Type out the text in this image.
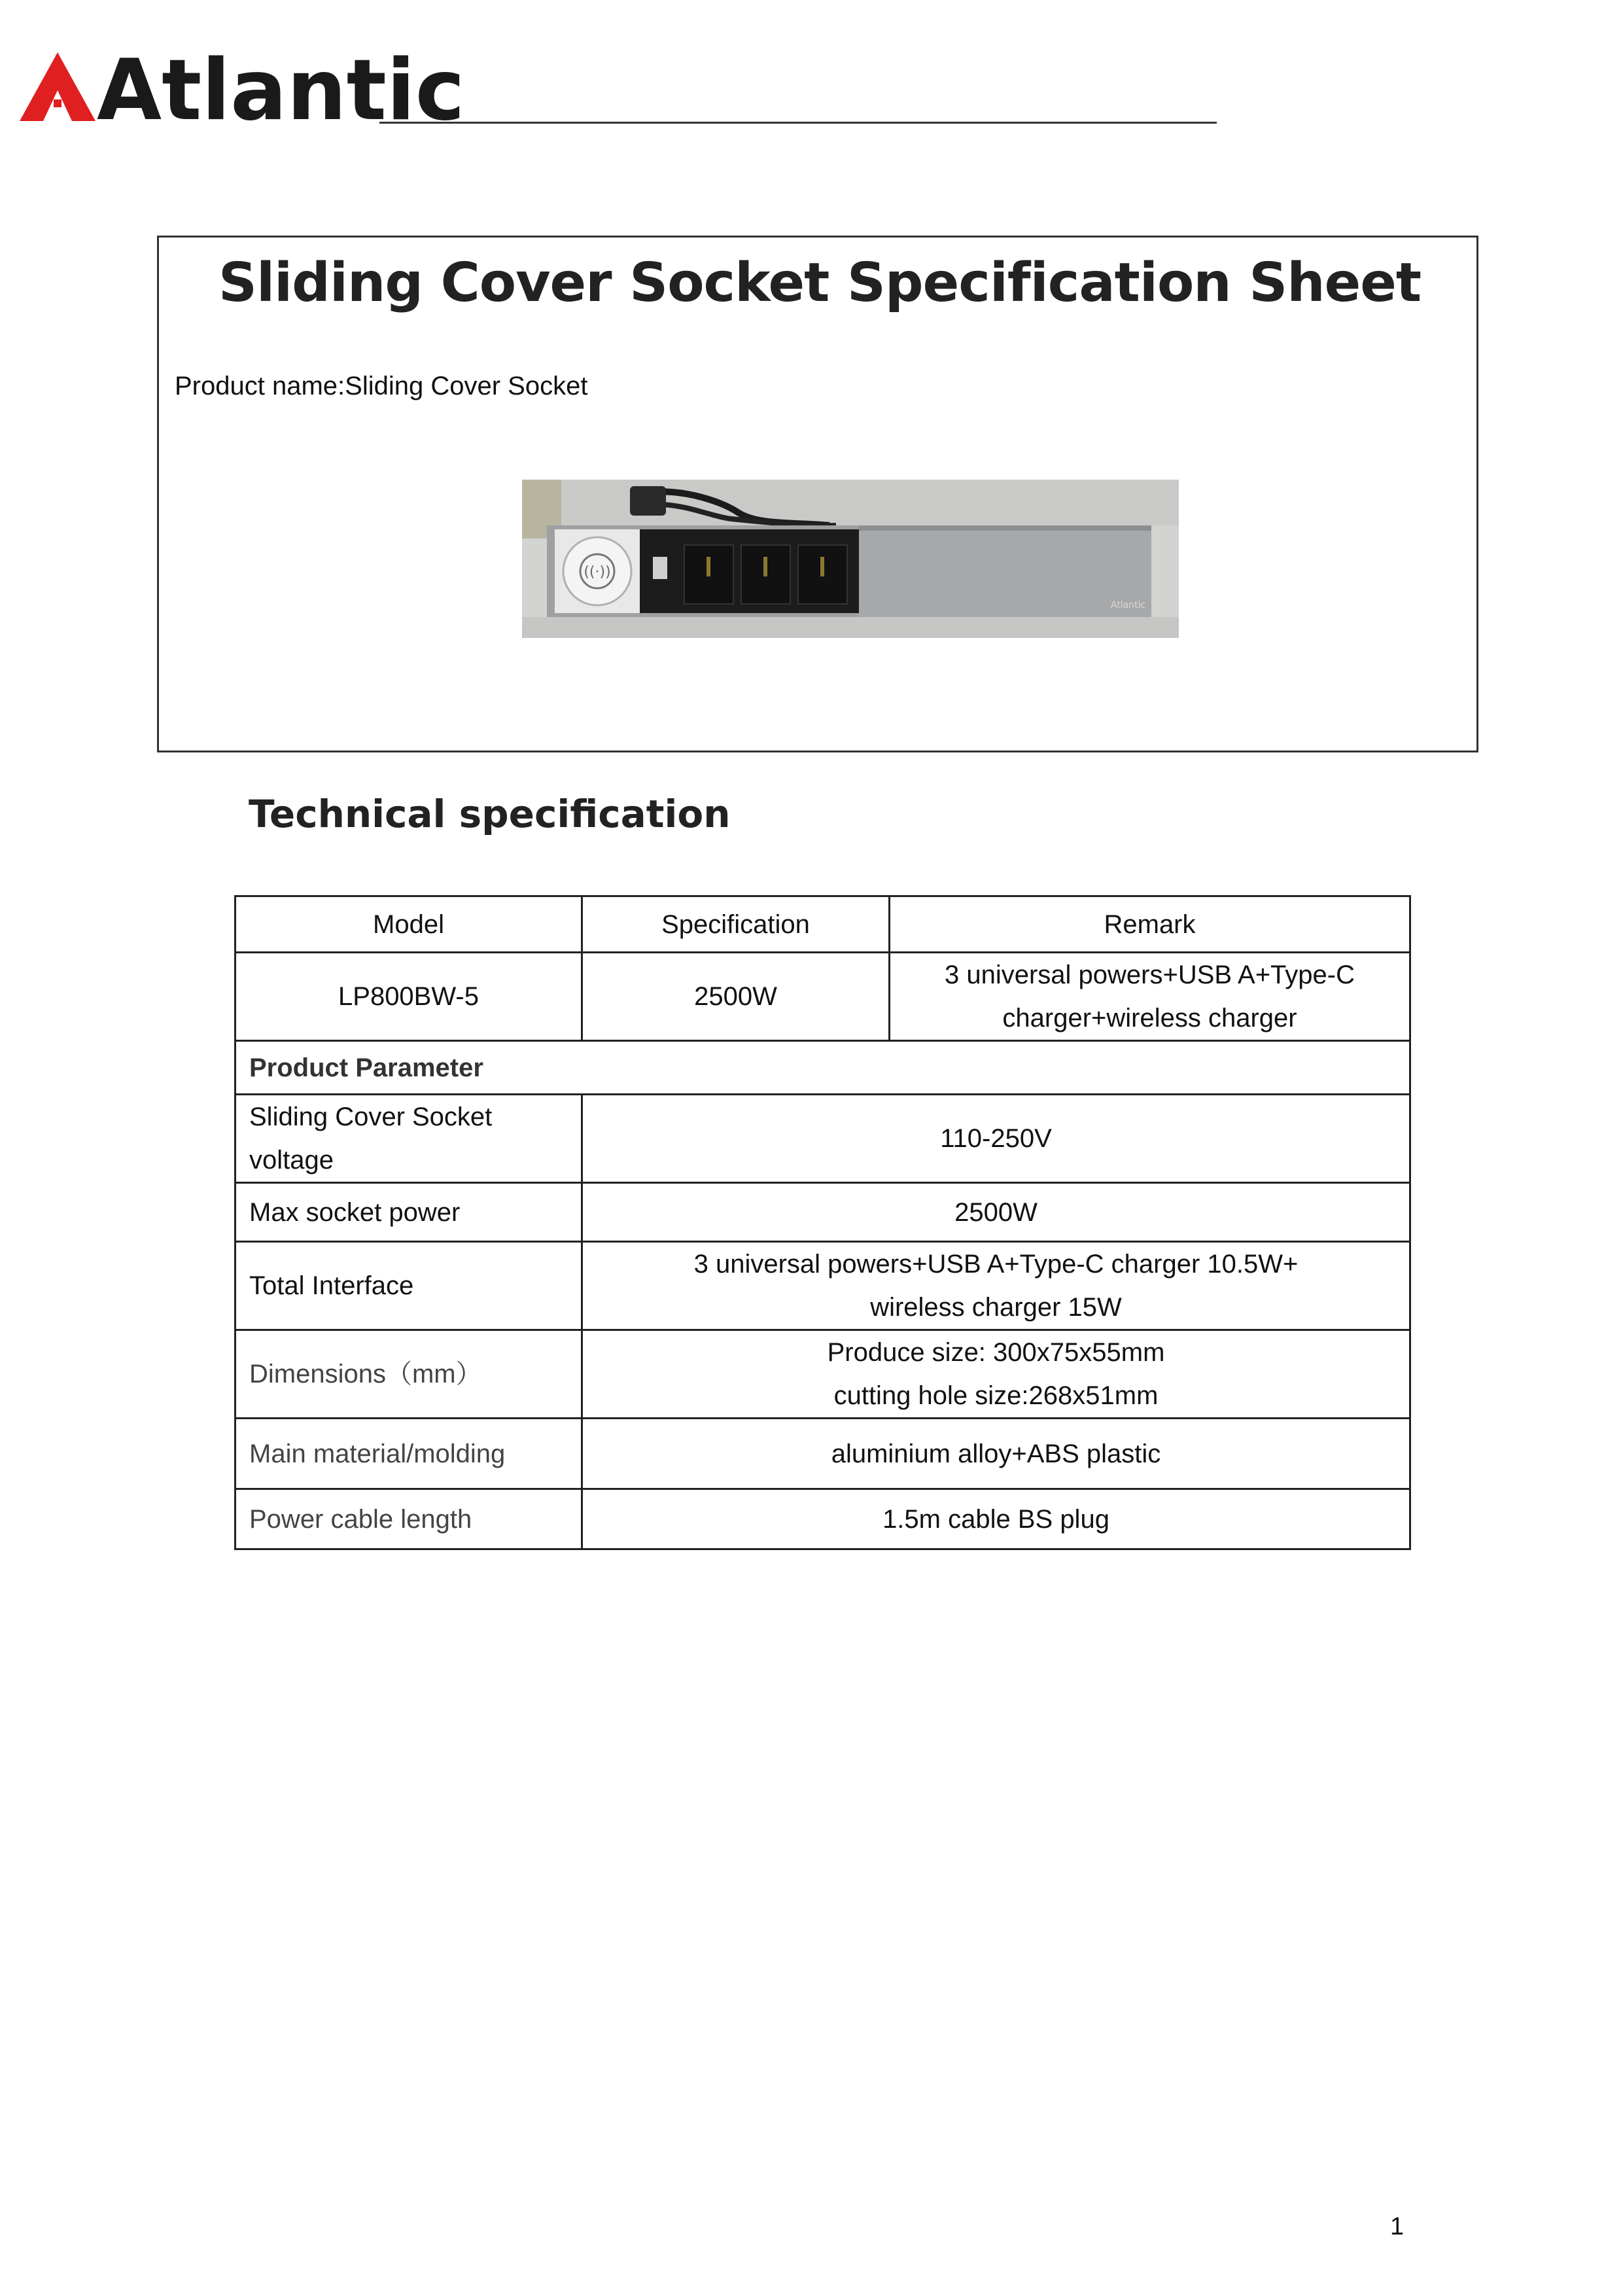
Atlantic
Sliding Cover Socket Specification Sheet
Product name:Sliding Cover Socket
((·))
Atlantic
Technical specification
Model	Specification	Remark
LP800BW-5	2500W	3 universal powers+USB A+Type-C
charger+wireless charger

Product Parameter		

Sliding Cover Socket
voltage	110-250V	
Max socket power	2500W	
Total Interface	3 universal powers+USB A+Type-C charger 10.5W+
wireless charger 15W	

Dimensions（mm）	Produce size: 300x75x55mm
cutting hole size:268x51mm	

Main material/molding	aluminium alloy+ABS plastic	
Power cable length	1.5m cable BS plug	
1
